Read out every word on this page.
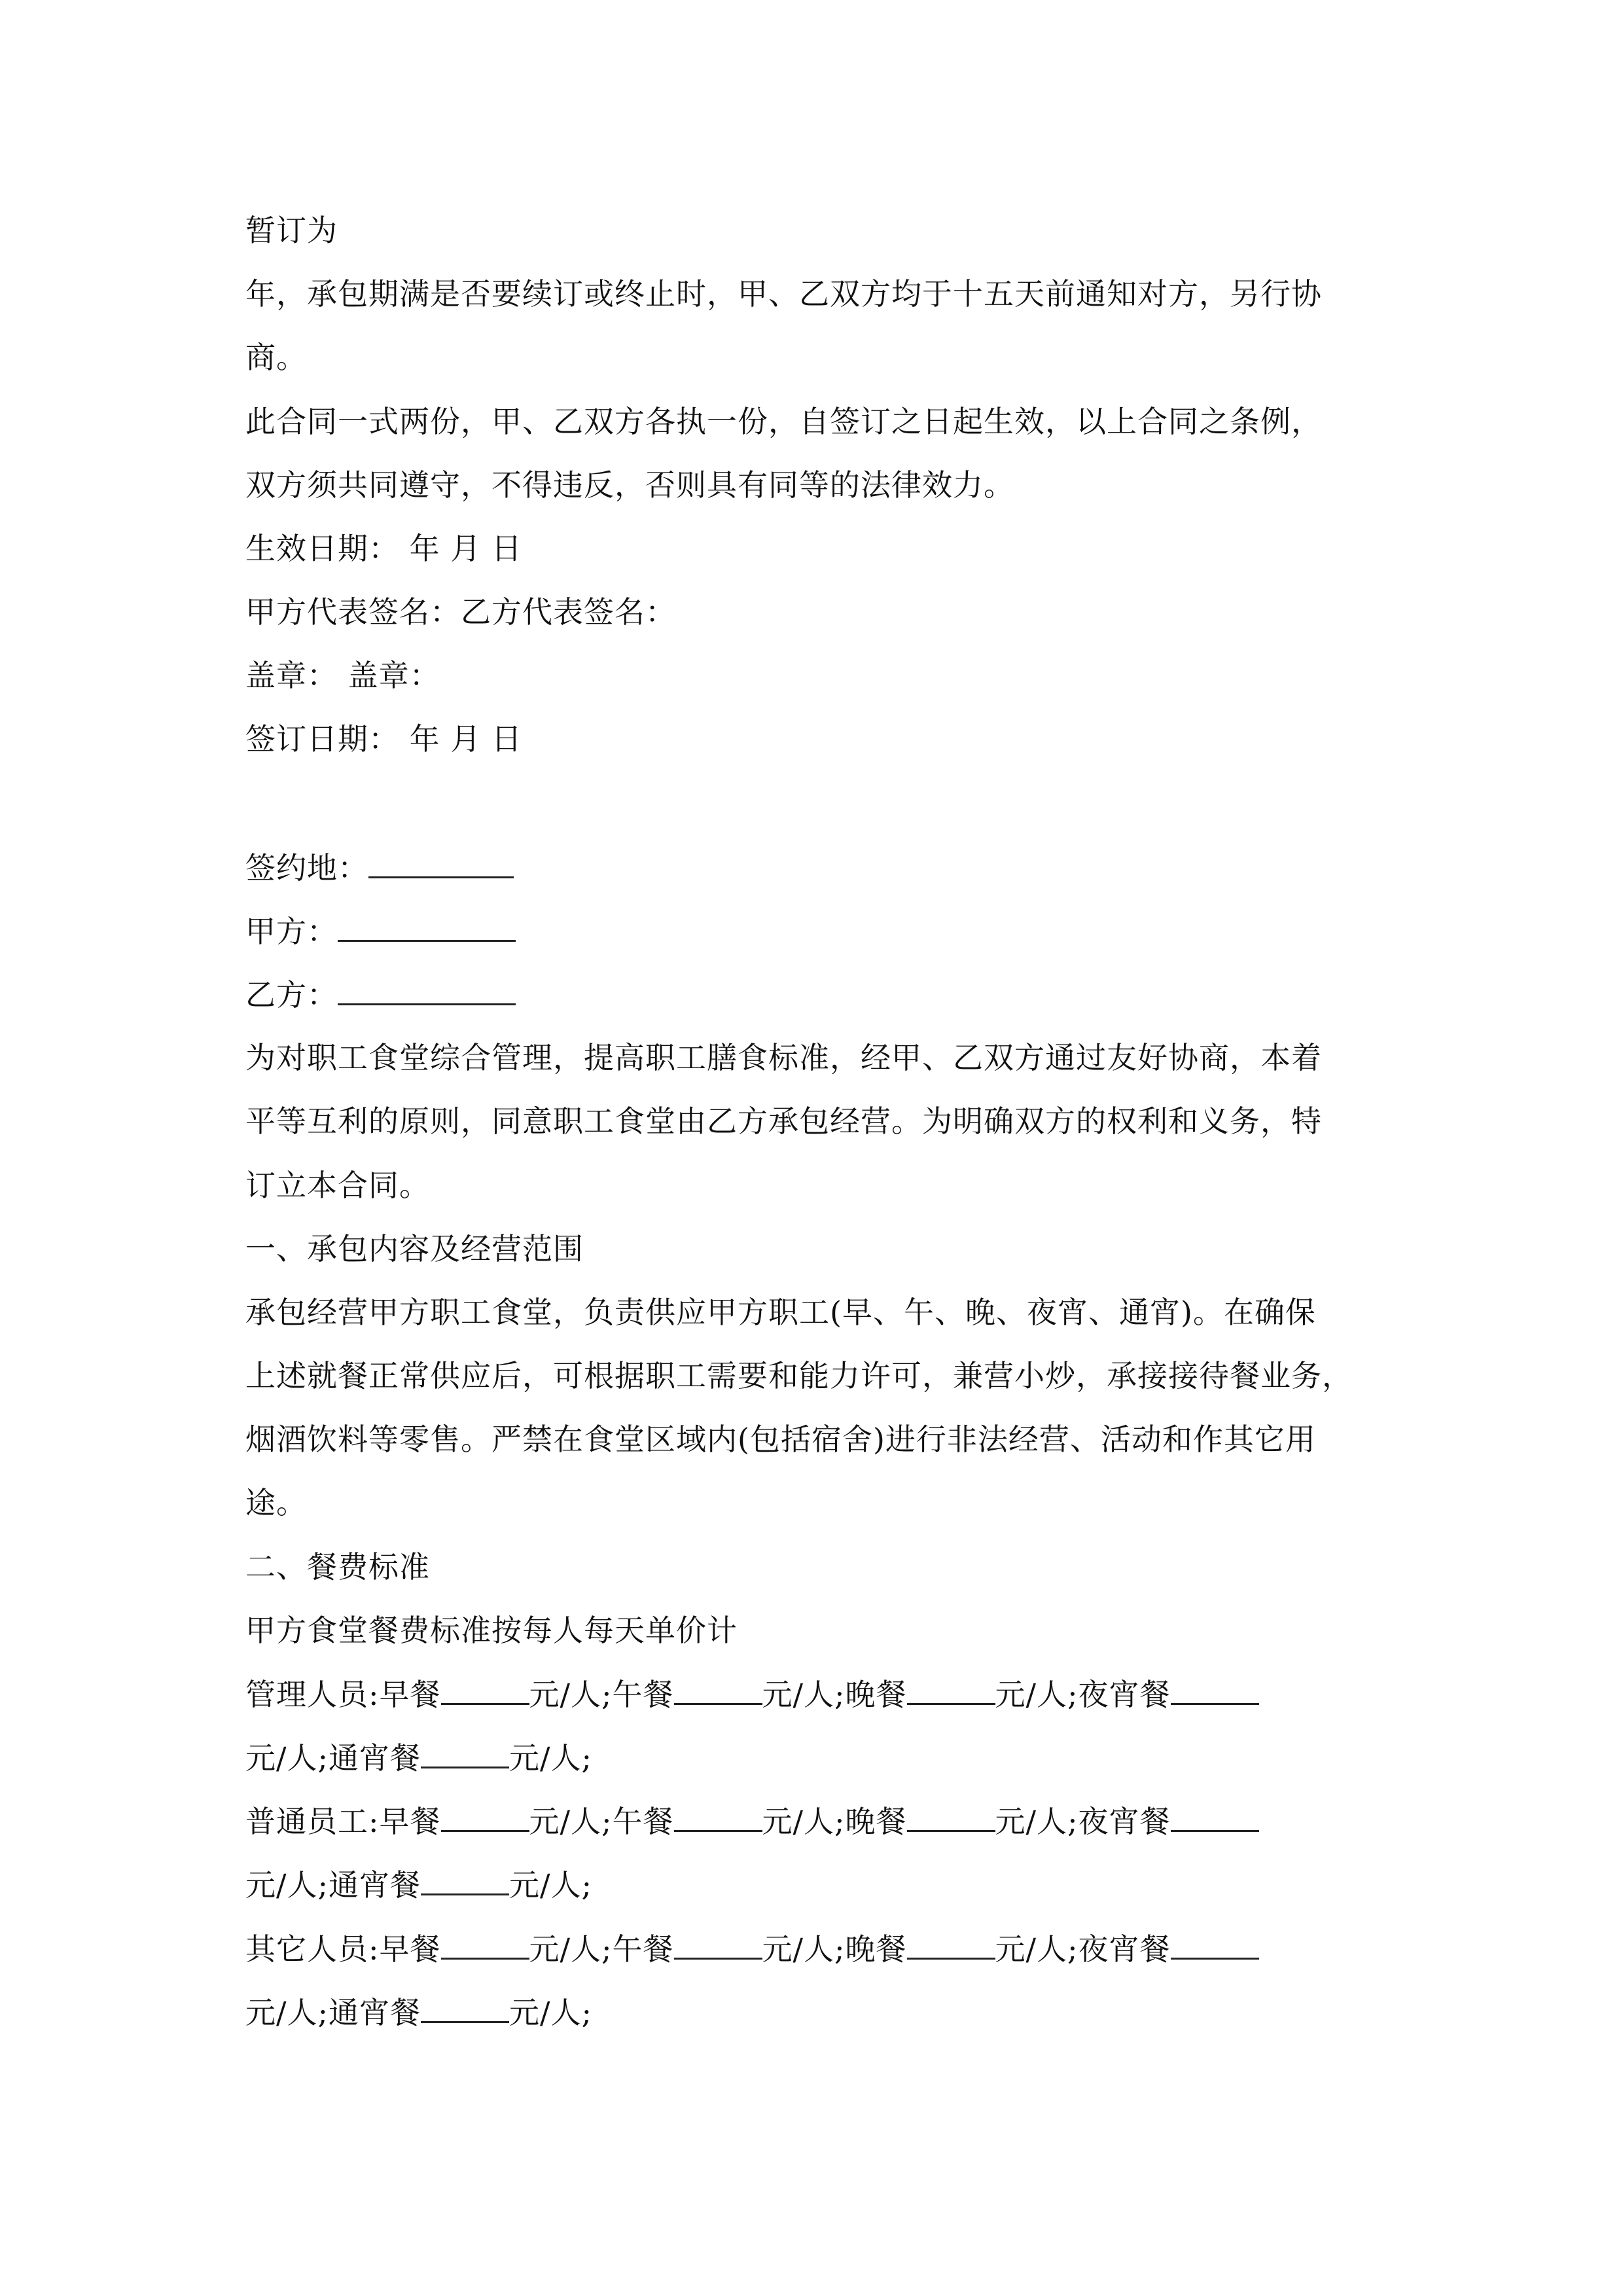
暂订为
年，承包期满是否要续订或终止时，甲、乙双方均于十五天前通知对方，另行协
商。
此合同一式两份，甲、乙双方各执一份，自签订之日起生效，以上合同之条例，
双方须共同遵守，不得违反，否则具有同等的法律效力。
生效日期： 年 月 日
甲方代表签名：乙方代表签名：
盖章： 盖章：
签订日期： 年 月 日
签约地：
甲方：
乙方：
为对职工食堂综合管理，提高职工膳食标准，经甲、乙双方通过友好协商，本着
平等互利的原则，同意职工食堂由乙方承包经营。为明确双方的权利和义务，特
订立本合同。
一、承包内容及经营范围
承包经营甲方职工食堂，负责供应甲方职工(早、午、晚、夜宵、通宵)。在确保
上述就餐正常供应后，可根据职工需要和能力许可，兼营小炒，承接接待餐业务，
烟酒饮料等零售。严禁在食堂区域内(包括宿舍)进行非法经营、活动和作其它用
途。
二、餐费标准
甲方食堂餐费标准按每人每天单价计
管理人员:早餐	元/人;午餐	元/人;晚餐	元/人;夜宵餐
元/人;通宵餐	元/人;
普通员工:早餐	元/人;午餐	元/人;晚餐	元/人;夜宵餐
元/人;通宵餐	元/人;
其它人员:早餐	元/人;午餐	元/人;晚餐	元/人;夜宵餐
元/人;通宵餐	元/人;
